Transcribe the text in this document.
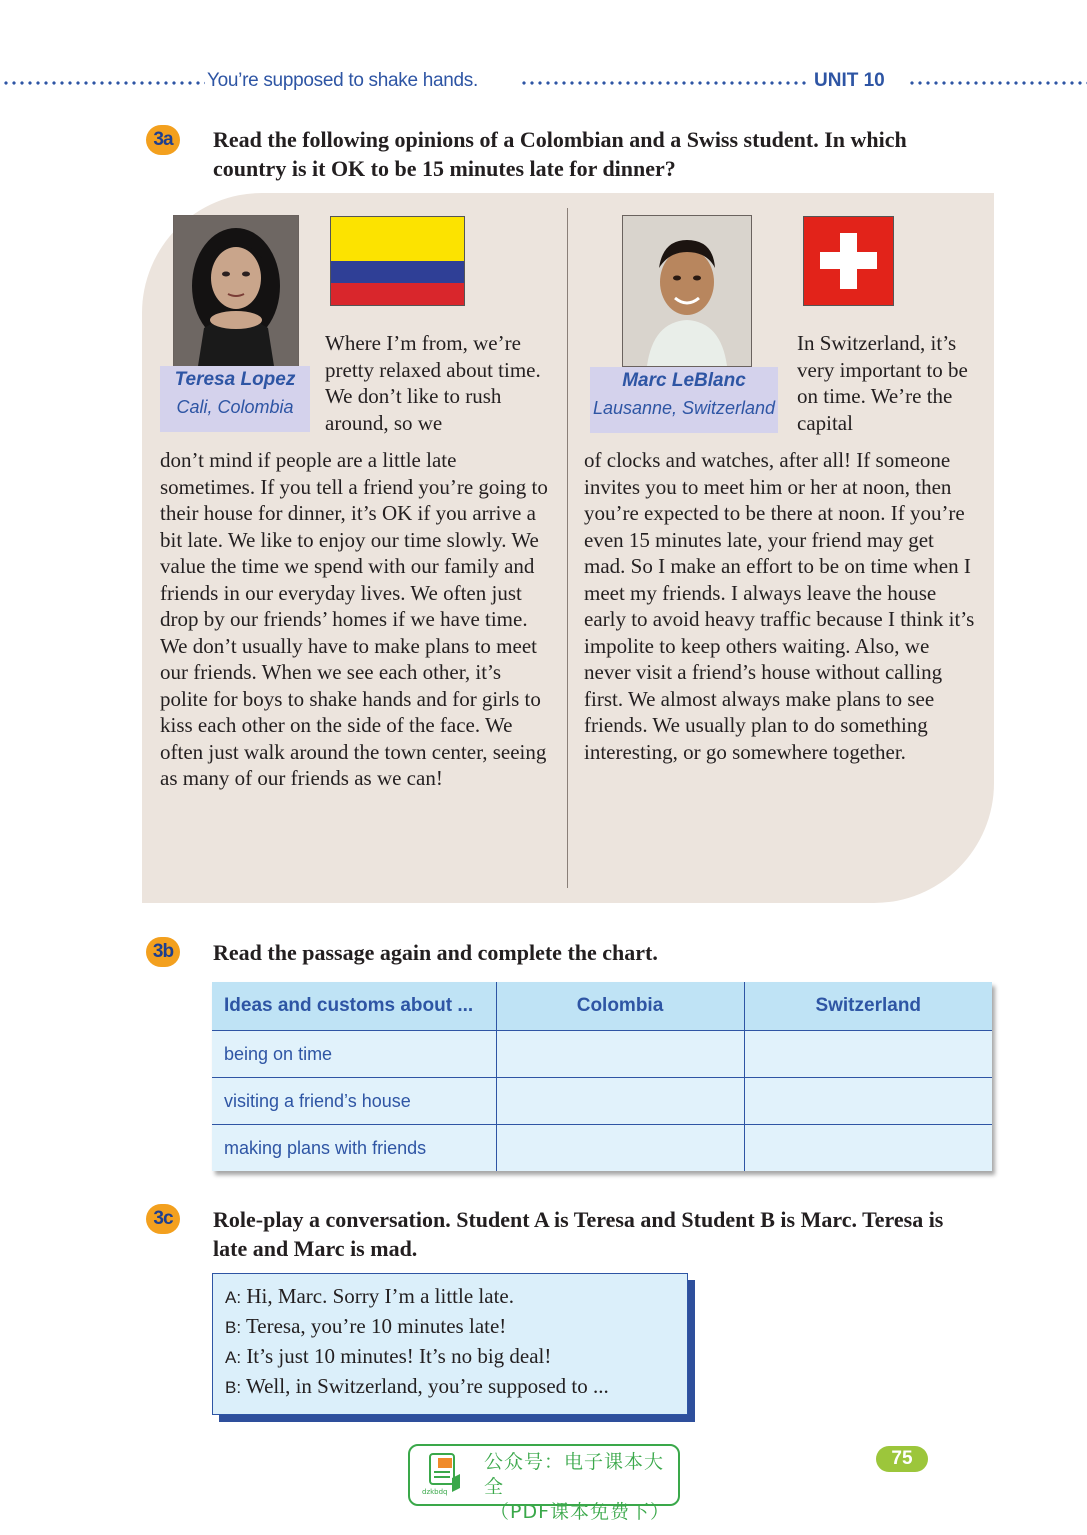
You’re supposed to shake hands.	UNIT 10
3a	Read the following opinions of a Colombian and a Swiss student. In which country is it OK to be 15 minutes late for dinner?
Teresa Lopez
Cali, Colombia
Where I’m from, we’re pretty relaxed about time. We don’t like to rush around, so we
don’t mind if people are a little late sometimes. If you tell a friend you’re going to their house for dinner, it’s OK if you arrive a bit late. We like to enjoy our time slowly. We value the time we spend with our family and friends in our everyday lives. We often just drop by our friends’ homes if we have time. We don’t usually have to make plans to meet our friends. When we see each other, it’s polite for boys to shake hands and for girls to kiss each other on the side of the face. We often just walk around the town center, seeing as many of our friends as we can!
Marc LeBlanc
Lausanne, Switzerland
In Switzerland, it’s very important to be on time. We’re the capital
of clocks and watches, after all! If someone invites you to meet him or her at noon, then you’re expected to be there at noon. If you’re even 15 minutes late, your friend may get mad. So I make an effort to be on time when I meet my friends. I always leave the house early to avoid heavy traffic because I think it’s impolite to keep others waiting. Also, we never visit a friend’s house without calling first. We almost always make plans to see friends. We usually plan to do something interesting, or go somewhere together.
3b	Read the passage again and complete the chart.
Ideas and customs about ...	Colombia	Switzerland
being on time		
visiting a friend’s house		
making plans with friends		
3c	Role-play a conversation. Student A is Teresa and Student B is Marc. Teresa is late and Marc is mad.
A: Hi, Marc. Sorry I’m a little late.
B: Teresa, you’re 10 minutes late!
A: It’s just 10 minutes! It’s no big deal!
B: Well, in Switzerland, you’re supposed to ...
dzkbdq
公众号：电子课本大全
（PDF课本免费下）
75
